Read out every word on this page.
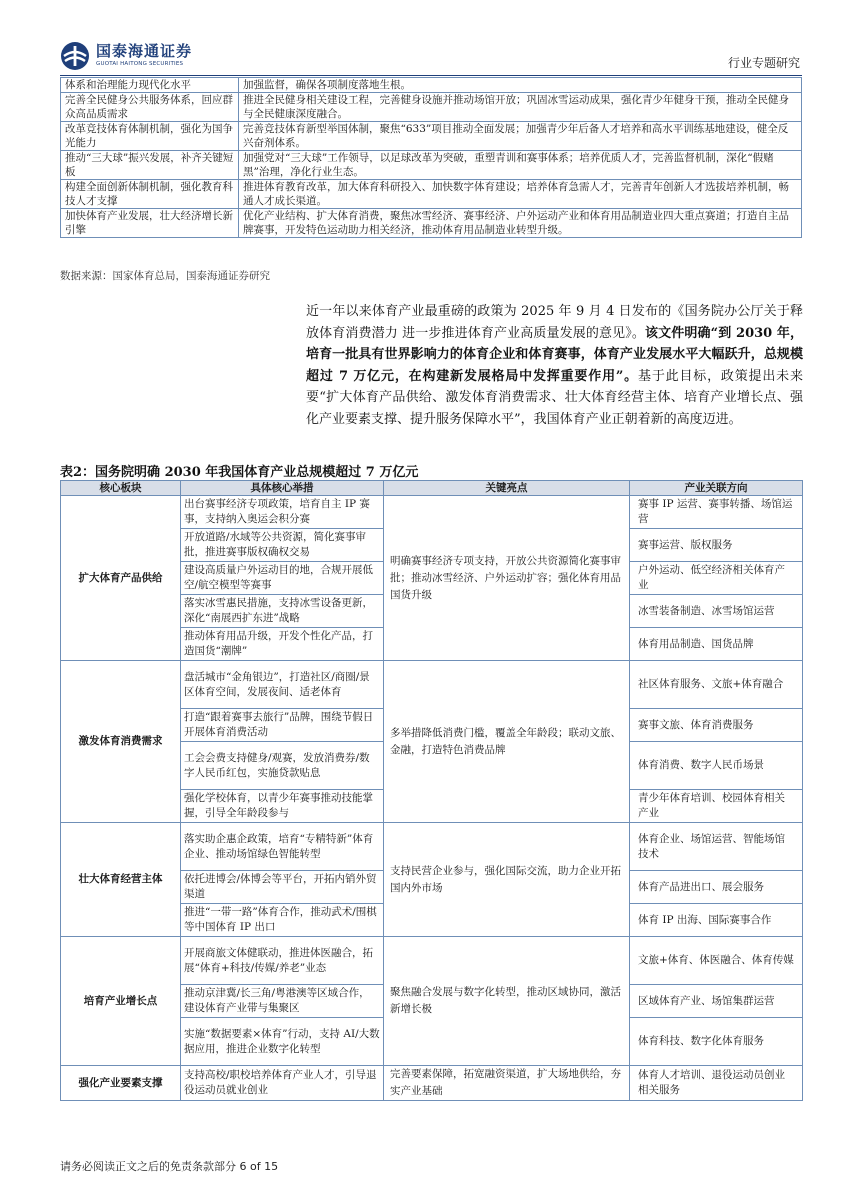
国泰海通证券
GUOTAI HAITONG SECURITIES	行业专题研究
体系和治理能力现代化水平	加强监督，确保各项制度落地生根。
完善全民健身公共服务体系，回应群众高品质需求	推进全民健身相关建设工程，完善健身设施并推动场馆开放；巩固冰雪运动成果，强化青少年健身干预，推动全民健身与全民健康深度融合。
改革竞技体育体制机制，强化为国争光能力	完善竞技体育新型举国体制，聚焦“633”项目推动全面发展；加强青少年后备人才培养和高水平训练基地建设，健全反兴奋剂体系。
推动“三大球”振兴发展，补齐关键短板	加强党对“三大球”工作领导，以足球改革为突破，重塑青训和赛事体系；培养优质人才，完善监督机制，深化“假赌黑”治理，净化行业生态。
构建全面创新体制机制，强化教育科技人才支撑	推进体育教育改革，加大体育科研投入、加快数字体育建设；培养体育急需人才，完善青年创新人才选拔培养机制，畅通人才成长渠道。
加快体育产业发展，壮大经济增长新引擎	优化产业结构、扩大体育消费，聚焦冰雪经济、赛事经济、户外运动产业和体育用品制造业四大重点赛道；打造自主品牌赛事，开发特色运动助力相关经济，推动体育用品制造业转型升级。
数据来源：国家体育总局，国泰海通证券研究
近一年以来体育产业最重磅的政策为 2025 年 9 月 4 日发布的《国务院办公厅关于释放体育消费潜力 进一步推进体育产业高质量发展的意见》。该文件明确“到 2030 年，培育一批具有世界影响力的体育企业和体育赛事，体育产业发展水平大幅跃升，总规模超过 7 万亿元，在构建新发展格局中发挥重要作用”。基于此目标，政策提出未来要“扩大体育产品供给、激发体育消费需求、壮大体育经营主体、培育产业增长点、强化产业要素支撑、提升服务保障水平”，我国体育产业正朝着新的高度迈进。
表2：国务院明确 2030 年我国体育产业总规模超过 7 万亿元
核心板块	具体核心举措	关键亮点	产业关联方向
扩大体育产品供给	出台赛事经济专项政策，培育自主 IP 赛事，支持纳入奥运会积分赛	明确赛事经济专项支持，开放公共资源简化赛事审批；推动冰雪经济、户外运动扩容；强化体育用品国货升级	赛事 IP 运营、赛事转播、场馆运营
	开放道路/水域等公共资源，简化赛事审批，推进赛事版权确权交易		赛事运营、版权服务
	建设高质量户外运动目的地，合规开展低空/航空模型等赛事		户外运动、低空经济相关体育产业
	落实冰雪惠民措施，支持冰雪设备更新，深化“南展西扩东进”战略		冰雪装备制造、冰雪场馆运营
	推动体育用品升级，开发个性化产品，打造国货“潮牌”		体育用品制造、国货品牌
激发体育消费需求	盘活城市“金角银边”，打造社区/商圈/景区体育空间，发展夜间、适老体育	多举措降低消费门槛，覆盖全年龄段；联动文旅、金融，打造特色消费品牌	社区体育服务、文旅+体育融合
	打造“跟着赛事去旅行”品牌，围绕节假日开展体育消费活动		赛事文旅、体育消费服务
	工会会费支持健身/观赛，发放消费券/数字人民币红包，实施贷款贴息		体育消费、数字人民币场景
	强化学校体育，以青少年赛事推动技能掌握，引导全年龄段参与		青少年体育培训、校园体育相关产业
壮大体育经营主体	落实助企惠企政策，培育“专精特新”体育企业、推动场馆绿色智能转型	支持民营企业参与，强化国际交流，助力企业开拓国内外市场	体育企业、场馆运营、智能场馆技术
	依托进博会/体博会等平台，开拓内销外贸渠道		体育产品进出口、展会服务
	推进“一带一路”体育合作，推动武术/围棋等中国体育 IP 出口		体育 IP 出海、国际赛事合作
培育产业增长点	开展商旅文体健联动，推进体医融合，拓展“体育+科技/传媒/养老”业态	聚焦融合发展与数字化转型，推动区域协同，激活新增长极	文旅+体育、体医融合、体育传媒
	推动京津冀/长三角/粤港澳等区域合作，建设体育产业带与集聚区		区域体育产业、场馆集群运营
	实施“数据要素×体育”行动，支持 AI/大数据应用，推进企业数字化转型		体育科技、数字化体育服务
强化产业要素支撑	支持高校/职校培养体育产业人才，引导退役运动员就业创业	完善要素保障，拓宽融资渠道，扩大场地供给，夯实产业基础	体育人才培训、退役运动员创业相关服务
请务必阅读正文之后的免责条款部分 6 of 15
